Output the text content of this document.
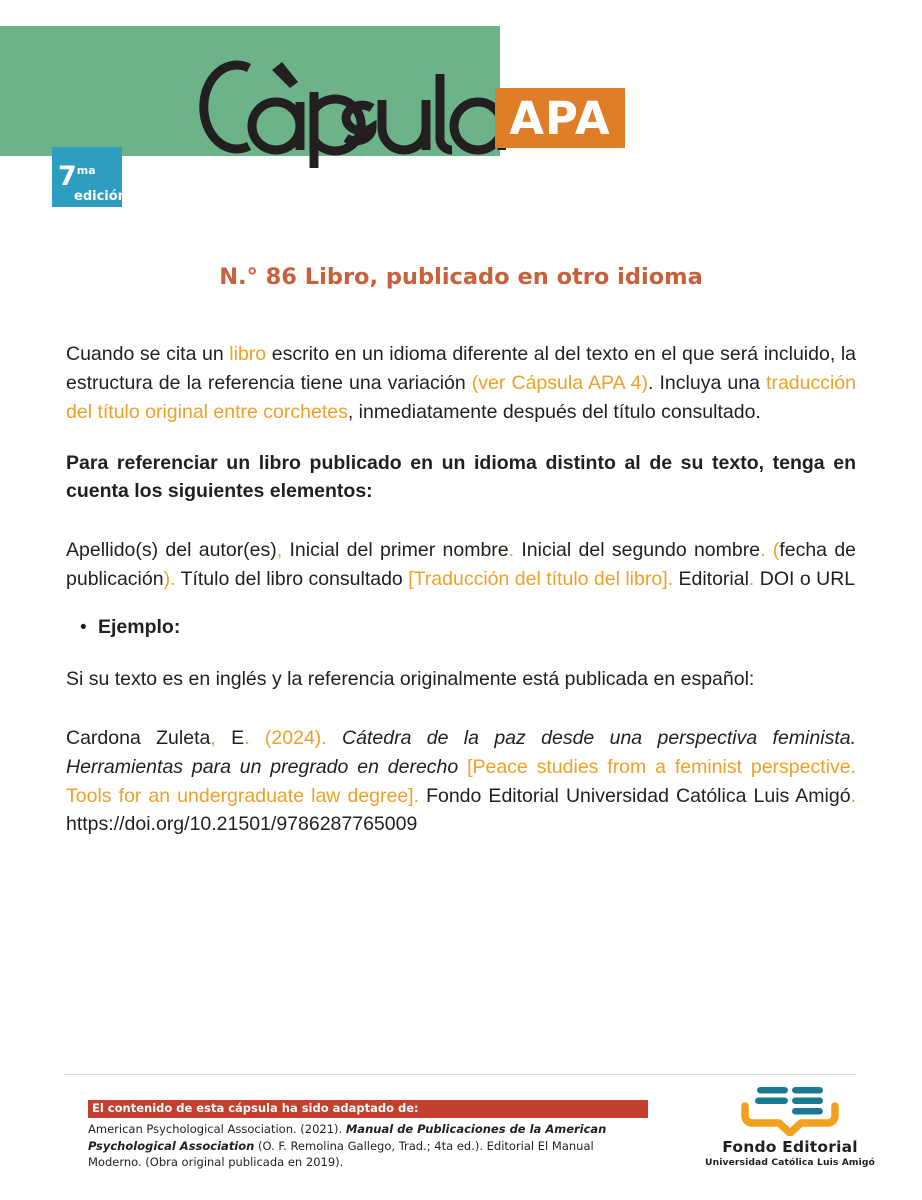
APA
7 ma
edición
N.° 86 Libro, publicado en otro idioma

Cuando se cita un libro escrito en un idioma diferente al del texto en el que será incluido, la estructura de la referencia tiene una variación (ver Cápsula APA 4). Incluya una traducción del título original entre corchetes, inmediatamente después del título consultado.

Para referenciar un libro publicado en un idioma distinto al de su texto, tenga en cuenta los siguientes elementos:

Apellido(s) del autor(es), Inicial del primer nombre. Inicial del segundo nombre. (fecha de publicación). Título del libro consultado [Traducción del título del libro]. Editorial. DOI o URL

• Ejemplo:

Si su texto es en inglés y la referencia originalmente está publicada en español:

Cardona Zuleta, E. (2024). Cátedra de la paz desde una perspectiva feminista. Herramientas para un pregrado en derecho [Peace studies from a feminist perspective. Tools for an undergraduate law degree]. Fondo Editorial Universidad Católica Luis Amigó. https://doi.org/10.21501/9786287765009

El contenido de esta cápsula ha sido adaptado de:
American Psychological Association. (2021). Manual de Publicaciones de la American Psychological Association (O. F. Remolina Gallego, Trad.; 4ta ed.). Editorial El Manual Moderno. (Obra original publicada en 2019).
Fondo Editorial
Universidad Católica Luis Amigó
